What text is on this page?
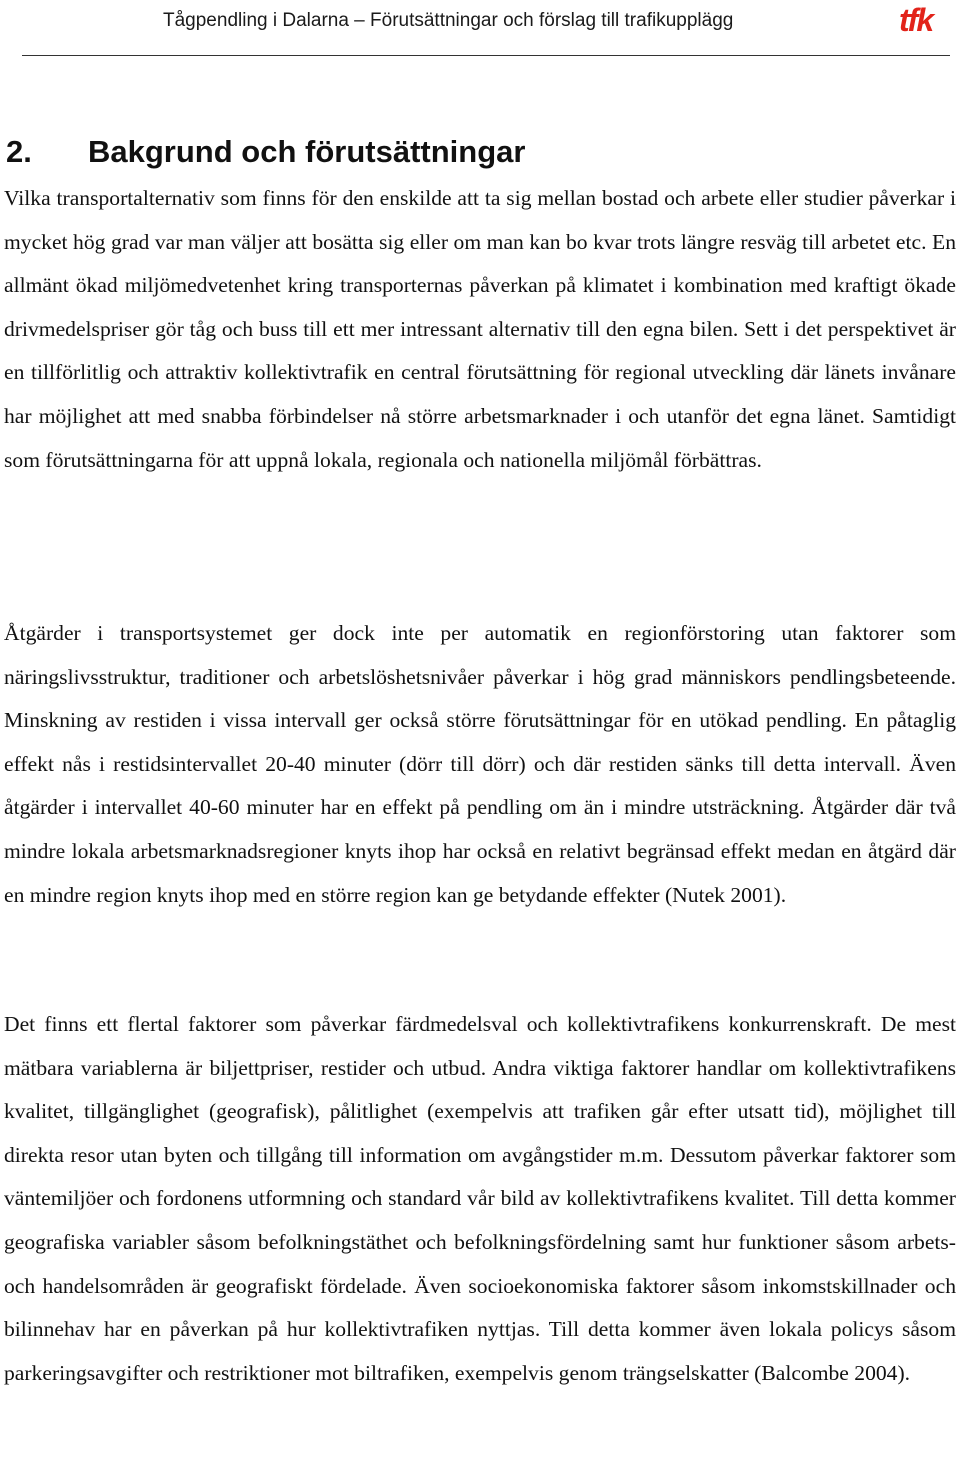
Tågpendling i Dalarna – Förutsättningar och förslag till trafikupplägg	tfk
2. Bakgrund och förutsättningar

Vilka transportalternativ som finns för den enskilde att ta sig mellan bostad och arbete eller studier påverkar i mycket hög grad var man väljer att bosätta sig eller om man kan bo kvar trots längre resväg till arbetet etc. En allmänt ökad miljömedvetenhet kring transporternas påverkan på klimatet i kombination med kraftigt ökade drivmedelspriser gör tåg och buss till ett mer intressant alternativ till den egna bilen. Sett i det perspektivet är en tillförlitlig och attraktiv kollektivtrafik en central förutsättning för regional utveckling där länets invånare har möjlighet att med snabba förbindelser nå större arbetsmarknader i och utanför det egna länet. Samtidigt som förutsättningarna för att uppnå lokala, regionala och nationella miljömål förbättras.

Åtgärder i transportsystemet ger dock inte per automatik en regionförstoring utan faktorer som näringslivsstruktur, traditioner och arbetslöshetsnivåer påverkar i hög grad människors pendlingsbeteende. Minskning av restiden i vissa intervall ger också större förutsättningar för en utökad pendling. En påtaglig effekt nås i restidsintervallet 20-40 minuter (dörr till dörr) och där restiden sänks till detta intervall. Även åtgärder i intervallet 40-60 minuter har en effekt på pendling om än i mindre utsträckning. Åtgärder där två mindre lokala arbetsmarknadsregioner knyts ihop har också en relativt begränsad effekt medan en åtgärd där en mindre region knyts ihop med en större region kan ge betydande effekter (Nutek 2001).

Det finns ett flertal faktorer som påverkar färdmedelsval och kollektivtrafikens konkurrenskraft. De mest mätbara variablerna är biljettpriser, restider och utbud. Andra viktiga faktorer handlar om kollektivtrafikens kvalitet, tillgänglighet (geografisk), pålitlighet (exempelvis att trafiken går efter utsatt tid), möjlighet till direkta resor utan byten och tillgång till information om avgångstider m.m. Dessutom påverkar faktorer som väntemiljöer och fordonens utformning och standard vår bild av kollektivtrafikens kvalitet. Till detta kommer geografiska variabler såsom befolkningstäthet och befolkningsfördelning samt hur funktioner såsom arbets- och handelsområden är geografiskt fördelade. Även socioekonomiska faktorer såsom inkomstskillnader och bilinnehav har en påverkan på hur kollektivtrafiken nyttjas. Till detta kommer även lokala policys såsom parkeringsavgifter och restriktioner mot biltrafiken, exempelvis genom trängselskatter (Balcombe 2004).
